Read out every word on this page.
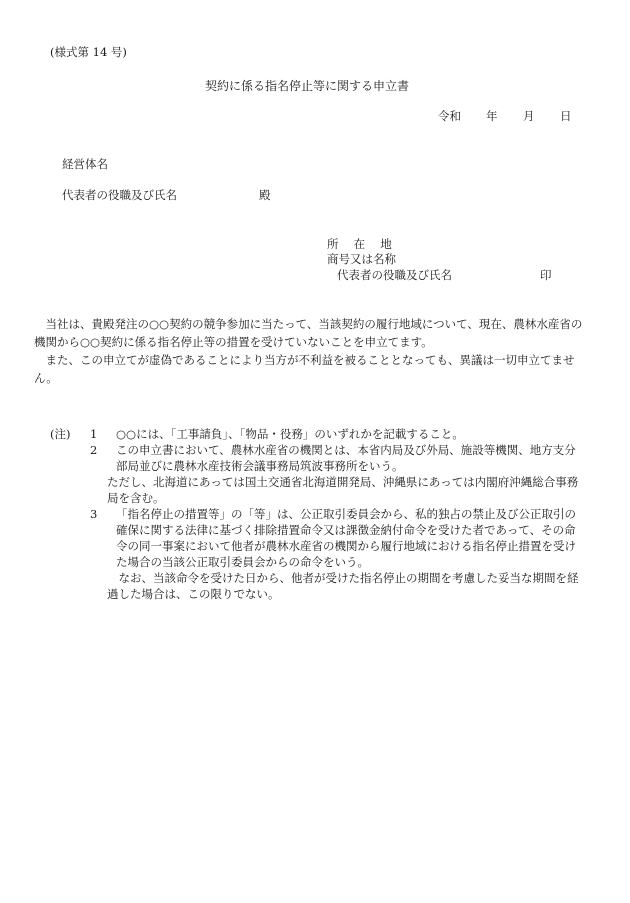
(様式第 14 号)
契約に係る指名停止等に関する申立書
令和 年 月 日
経営体名
代表者の役職及び氏名	殿
所　 在　 地
商号又は名称
代表者の役職及び氏名	印

当社は、貴殿発注の○○契約の競争参加に当たって、当該契約の履行地域について、現在、農林水産省の機関から○○契約に係る指名停止等の措置を受けていないことを申立てます。

また、この申立てが虚偽であることにより当方が不利益を被ることとなっても、異議は一切申立てません。

(注) 1 ○○には、「工事請負」、「物品・役務」のいずれかを記載すること。
2 この申立書において、農林水産省の機関とは、本省内局及び外局、施設等機関、地方支分部局並びに農林水産技術会議事務局筑波事務所をいう。
ただし、北海道にあっては国土交通省北海道開発局、沖縄県にあっては内閣府沖縄総合事務局を含む。
3 「指名停止の措置等」の「等」は、公正取引委員会から、私的独占の禁止及び公正取引の確保に関する法律に基づく排除措置命令又は課徴金納付命令を受けた者であって、その命令の同一事案において他者が農林水産省の機関から履行地域における指名停止措置を受けた場合の当該公正取引委員会からの命令をいう。
なお、当該命令を受けた日から、他者が受けた指名停止の期間を考慮した妥当な期間を経過した場合は、この限りでない。
